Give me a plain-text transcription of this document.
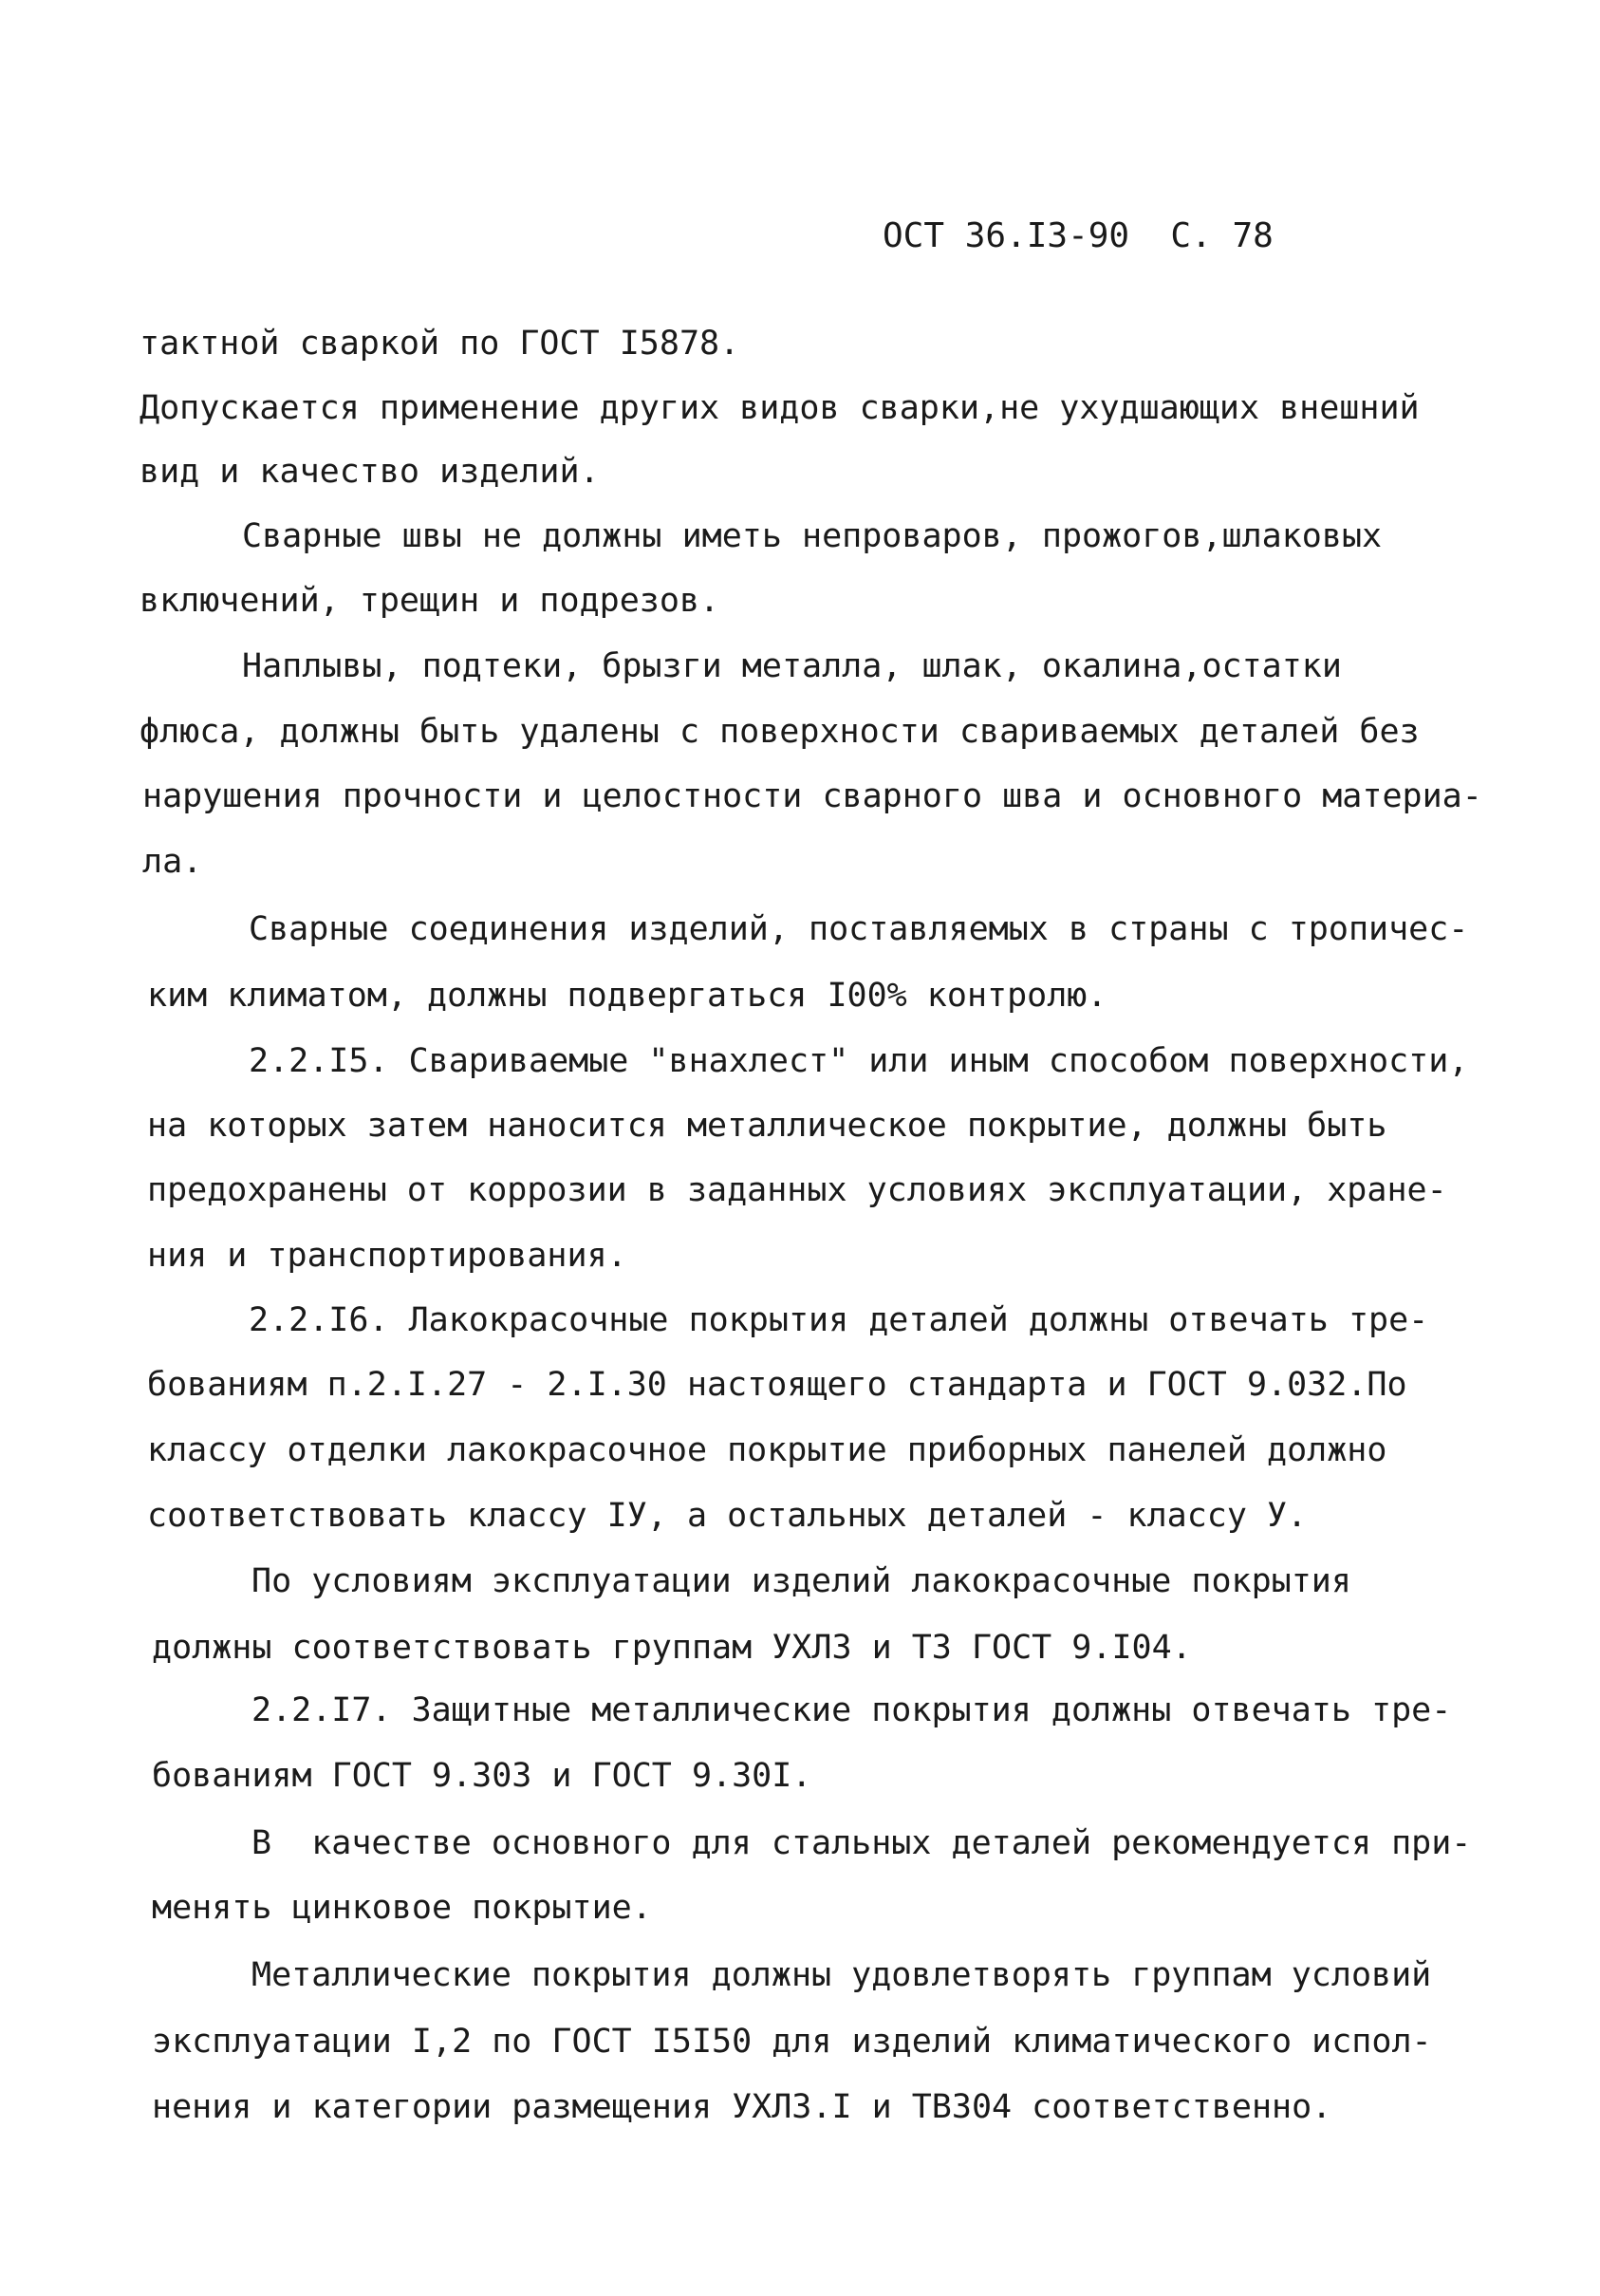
ОСТ 36.I3-90  С. 78
тактной сваркой по ГОСТ I5878.
Допускается применение других видов сварки,не ухудшающих внешний
вид и качество изделий.
Сварные швы не должны иметь непроваров, прожогов,шлаковых
включений, трещин и подрезов.
Наплывы, подтеки, брызги металла, шлак, окалина,остатки
флюса, должны быть удалены с поверхности свариваемых деталей без
нарушения прочности и целостности сварного шва и основного материа-
ла.
Сварные соединения изделий, поставляемых в страны с тропичес-
ким климатом, должны подвергаться I00% контролю.
2.2.I5. Свариваемые "внахлест" или иным способом поверхности,
на которых затем наносится металлическое покрытие, должны быть
предохранены от коррозии в заданных условиях эксплуатации, хране-
ния и транспортирования.
2.2.I6. Лакокрасочные покрытия деталей должны отвечать тре-
бованиям п.2.I.27 - 2.I.30 настоящего стандарта и ГОСТ 9.032.По
классу отделки лакокрасочное покрытие приборных панелей должно
соответствовать классу IУ, а остальных деталей - классу У.
По условиям эксплуатации изделий лакокрасочные покрытия
должны соответствовать группам УХЛЗ и ТЗ ГОСТ 9.I04.
2.2.I7. Защитные металлические покрытия должны отвечать тре-
бованиям ГОСТ 9.303 и ГОСТ 9.30I.
В  качестве основного для стальных деталей рекомендуется при-
менять цинковое покрытие.
Металлические покрытия должны удовлетворять группам условий
эксплуатации I,2 по ГОСТ I5I50 для изделий климатического испол-
нения и категории размещения УХЛЗ.I и ТВЗ04 соответственно.
